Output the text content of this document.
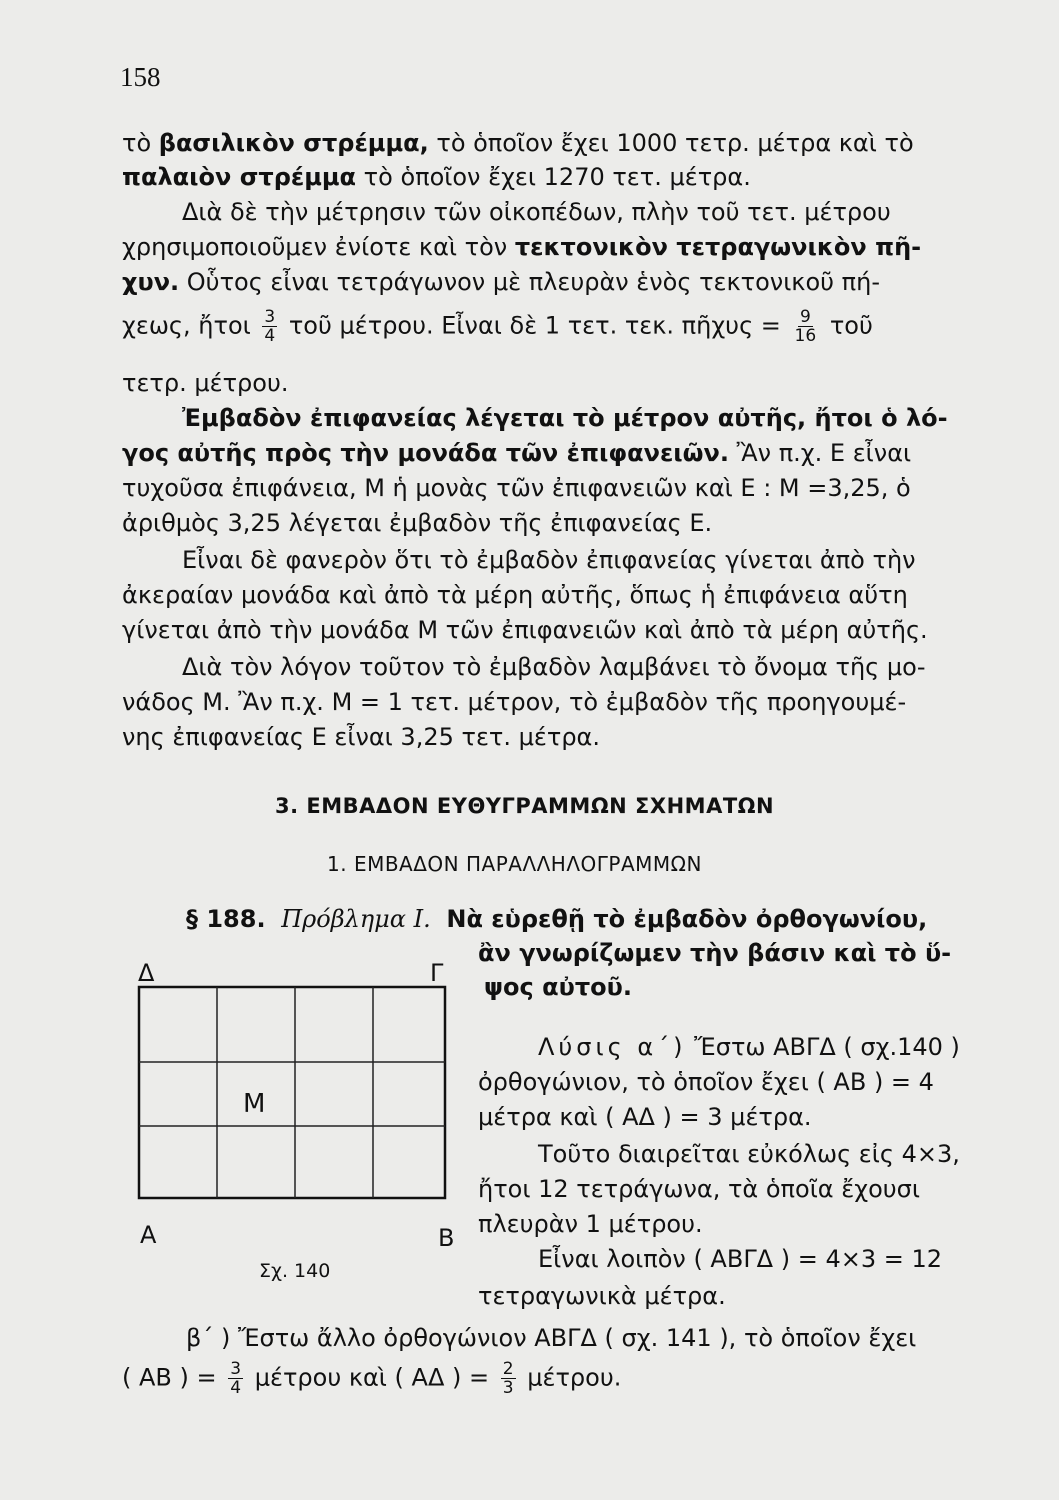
158
τὸ βασιλικὸν στρέμμα, τὸ ὁποῖον ἔχει 1000 τετρ. μέτρα καὶ τὸ
παλαιὸν στρέμμα τὸ ὁποῖον ἔχει 1270 τετ. μέτρα.
Διὰ δὲ τὴν μέτρησιν τῶν οἰκοπέδων, πλὴν τοῦ τετ. μέτρου
χρησιμοποιοῦμεν ἐνίοτε καὶ τὸν τεκτονικὸν τετραγωνικὸν πῆ-
χυν. Οὗτος εἶναι τετράγωνον μὲ πλευρὰν ἑνὸς τεκτονικοῦ πή-
χεως, ἤτοι $\frac{3}{4}$ τοῦ μέτρου. Εἶναι δὲ 1 τετ. τεκ. πῆχυς = $\frac{9}{16}$ τοῦ
τετρ. μέτρου.
Ἐμβαδὸν ἐπιφανείας λέγεται τὸ μέτρον αὐτῆς, ἤτοι ὁ λό-
γος αὐτῆς πρὸς τὴν μονάδα τῶν ἐπιφανειῶν. Ἂν π.χ. Ε εἶναι
τυχοῦσα ἐπιφάνεια, Μ ἡ μονὰς τῶν ἐπιφανειῶν καὶ Ε : Μ =3,25, ὁ
ἀριθμὸς 3,25 λέγεται ἐμβαδὸν τῆς ἐπιφανείας Ε.
Εἶναι δὲ φανερὸν ὅτι τὸ ἐμβαδὸν ἐπιφανείας γίνεται ἀπὸ τὴν
ἀκεραίαν μονάδα καὶ ἀπὸ τὰ μέρη αὐτῆς, ὅπως ἡ ἐπιφάνεια αὕτη
γίνεται ἀπὸ τὴν μονάδα Μ τῶν ἐπιφανειῶν καὶ ἀπὸ τὰ μέρη αὐτῆς.
Διὰ τὸν λόγον τοῦτον τὸ ἐμβαδὸν λαμβάνει τὸ ὄνομα τῆς μο-
νάδος Μ. Ἂν π.χ. Μ = 1 τετ. μέτρον, τὸ ἐμβαδὸν τῆς προηγουμέ-
νης ἐπιφανείας Ε εἶναι 3,25 τετ. μέτρα.
3. ΕΜΒΑΔΟΝ ΕΥΘΥΓΡΑΜΜΩΝ ΣΧΗΜΑΤΩΝ
1. ΕΜΒΑΔΟΝ ΠΑΡΑΛΛΗΛΟΓΡΑΜΜΩΝ
§ 188. Πρόβλημα Ι. Νὰ εὑρεθῇ τὸ ἐμβαδὸν ὀρθογωνίου,
ἂν γνωρίζωμεν τὴν βάσιν καὶ τὸ ὕ-
ψος αὐτοῦ.
Δ	Γ
Α	Β
Μ
Σχ. 140
Λύσις α΄) Ἔστω ΑΒΓΔ ( σχ.140 )
ὀρθογώνιον, τὸ ὁποῖον ἔχει ( ΑΒ ) = 4
μέτρα καὶ ( ΑΔ ) = 3 μέτρα.
Τοῦτο διαιρεῖται εὐκόλως εἰς 4×3,
ἤτοι 12 τετράγωνα, τὰ ὁποῖα ἔχουσι
πλευρὰν 1 μέτρου.
Εἶναι λοιπὸν ( ΑΒΓΔ ) = 4×3 = 12
τετραγωνικὰ μέτρα.
β΄ ) Ἔστω ἄλλο ὀρθογώνιον ΑΒΓΔ ( σχ. 141 ), τὸ ὁποῖον ἔχει
( ΑΒ ) = $\frac{3}{4}$ μέτρου καὶ ( ΑΔ ) = $\frac{2}{3} \mu έ\tau\rho o\upsilon$.
